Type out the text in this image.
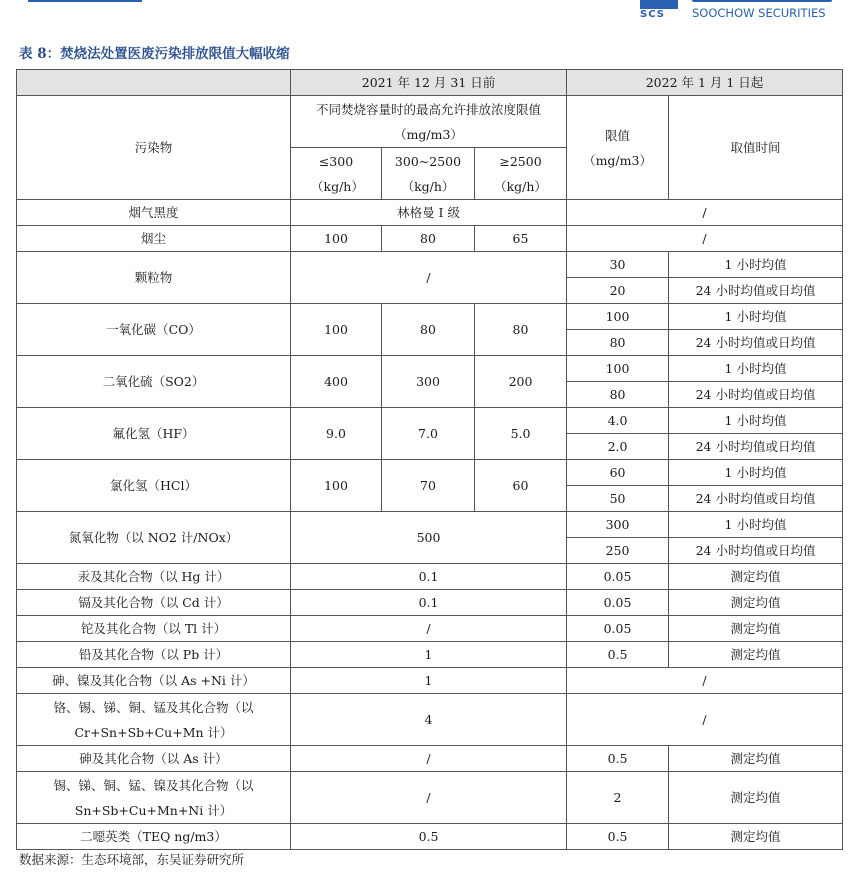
SCS SOOCHOW SECURITIES
表 8：焚烧法处置医废污染排放限值大幅收缩
	2021 年 12 月 31 日前			2022 年 1 月 1 日起	
污染物	不同焚烧容量时的最高允许排放浓度限值（mg/m3）			限值（mg/m3）	取值时间
	≤300（kg/h）	300~2500（kg/h）	≥2500（kg/h）		
烟气黑度	林格曼 I 级			/	
烟尘	100	80	65	/	
颗粒物	/			30	1 小时均值
				20	24 小时均值或日均值
一氧化碳（CO）	100	80	80	100	1 小时均值
				80	24 小时均值或日均值
二氧化硫（SO2）	400	300	200	100	1 小时均值
				80	24 小时均值或日均值
氟化氢（HF）	9.0	7.0	5.0	4.0	1 小时均值
				2.0	24 小时均值或日均值
氯化氢（HCl）	100	70	60	60	1 小时均值
				50	24 小时均值或日均值
氮氧化物（以 NO2 计/NOx）	500			300	1 小时均值
				250	24 小时均值或日均值
汞及其化合物（以 Hg 计）	0.1			0.05	测定均值
镉及其化合物（以 Cd 计）	0.1			0.05	测定均值
铊及其化合物（以 Tl 计）	/			0.05	测定均值
铅及其化合物（以 Pb 计）	1			0.5	测定均值
砷、镍及其化合物（以 As +Ni 计）	1			/	
铬、锡、锑、铜、锰及其化合物（以 Cr+Sn+Sb+Cu+Mn 计）	4			/	
砷及其化合物（以 As 计）	/			0.5	测定均值
锡、锑、铜、锰、镍及其化合物（以 Sn+Sb+Cu+Mn+Ni 计）	/			2	测定均值
二噁英类（TEQ ng/m3）	0.5			0.5	测定均值
数据来源：生态环境部，东吴证券研究所
